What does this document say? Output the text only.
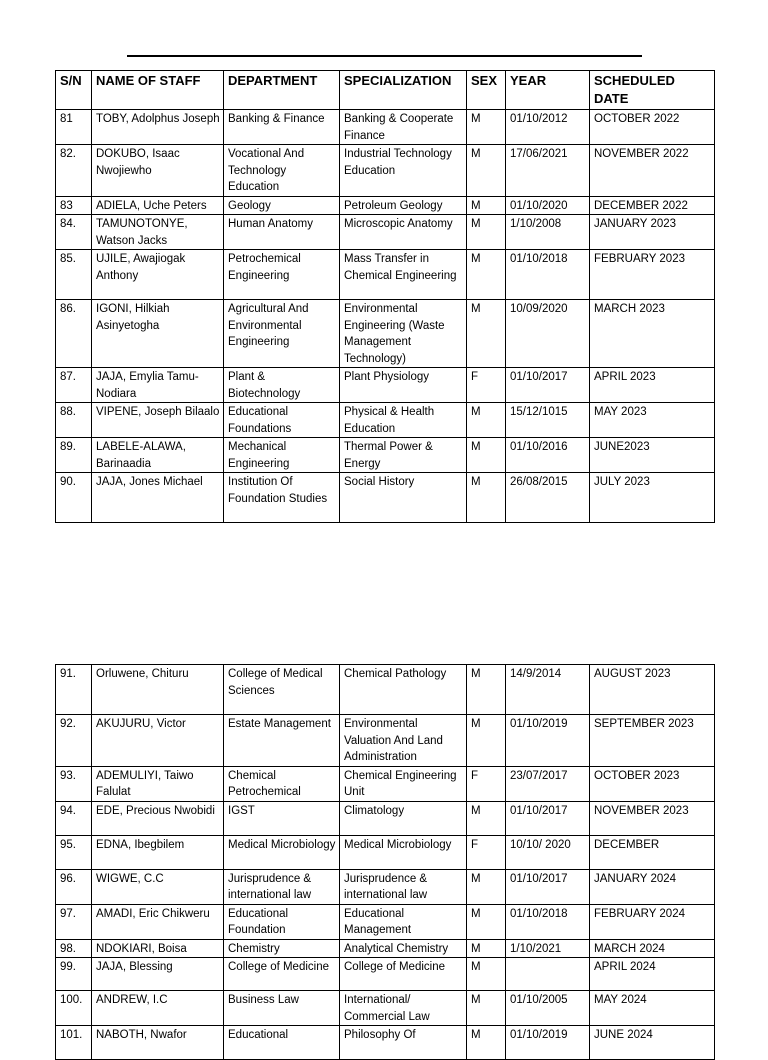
S/N	NAME OF STAFF	DEPARTMENT	SPECIALIZATION	SEX	YEAR	SCHEDULED DATE
81	TOBY, Adolphus Joseph	Banking & Finance	Banking & Cooperate Finance	M	01/10/2012	OCTOBER 2022
82.	DOKUBO, Isaac Nwojiewho	Vocational And Technology Education	Industrial Technology Education	M	17/06/2021	NOVEMBER 2022
83	ADIELA, Uche Peters	Geology	Petroleum Geology	M	01/10/2020	DECEMBER 2022
84.	TAMUNOTONYE, Watson Jacks	Human Anatomy	Microscopic Anatomy	M	1/10/2008	JANUARY 2023
85.	UJILE, Awajiogak Anthony	Petrochemical Engineering	Mass Transfer in Chemical Engineering	M	01/10/2018	FEBRUARY 2023
86.	IGONI, Hilkiah Asinyetogha	Agricultural And Environmental Engineering	Environmental Engineering (Waste Management Technology)	M	10/09/2020	MARCH 2023
87.	JAJA, Emylia Tamu-Nodiara	Plant & Biotechnology	Plant Physiology	F	01/10/2017	APRIL 2023
88.	VIPENE, Joseph Bilaalo	Educational Foundations	Physical & Health Education	M	15/12/1015	MAY 2023
89.	LABELE-ALAWA, Barinaadia	Mechanical Engineering	Thermal Power & Energy	M	01/10/2016	JUNE2023
90.	JAJA, Jones Michael	Institution Of Foundation Studies	Social History	M	26/08/2015	JULY 2023
91.	Orluwene, Chituru	College of Medical Sciences	Chemical Pathology	M	14/9/2014	AUGUST 2023
92.	AKUJURU, Victor	Estate Management	Environmental Valuation And Land Administration	M	01/10/2019	SEPTEMBER 2023
93.	ADEMULIYI, Taiwo Falulat	Chemical Petrochemical	Chemical Engineering Unit	F	23/07/2017	OCTOBER 2023
94.	EDE, Precious Nwobidi	IGST	Climatology	M	01/10/2017	NOVEMBER 2023
95.	EDNA, Ibegbilem	Medical Microbiology	Medical Microbiology	F	10/10/ 2020	DECEMBER
96.	WIGWE, C.C	Jurisprudence & international law	Jurisprudence & international law	M	01/10/2017	JANUARY 2024
97.	AMADI, Eric Chikweru	Educational Foundation	Educational Management	M	01/10/2018	FEBRUARY 2024
98.	NDOKIARI, Boisa	Chemistry	Analytical Chemistry	M	1/10/2021	MARCH 2024
99.	JAJA, Blessing	College of Medicine	College of Medicine	M		APRIL 2024
100.	ANDREW, I.C	Business Law	International/ Commercial Law	M	01/10/2005	MAY 2024
101.	NABOTH, Nwafor	Educational	Philosophy Of	M	01/10/2019	JUNE 2024
